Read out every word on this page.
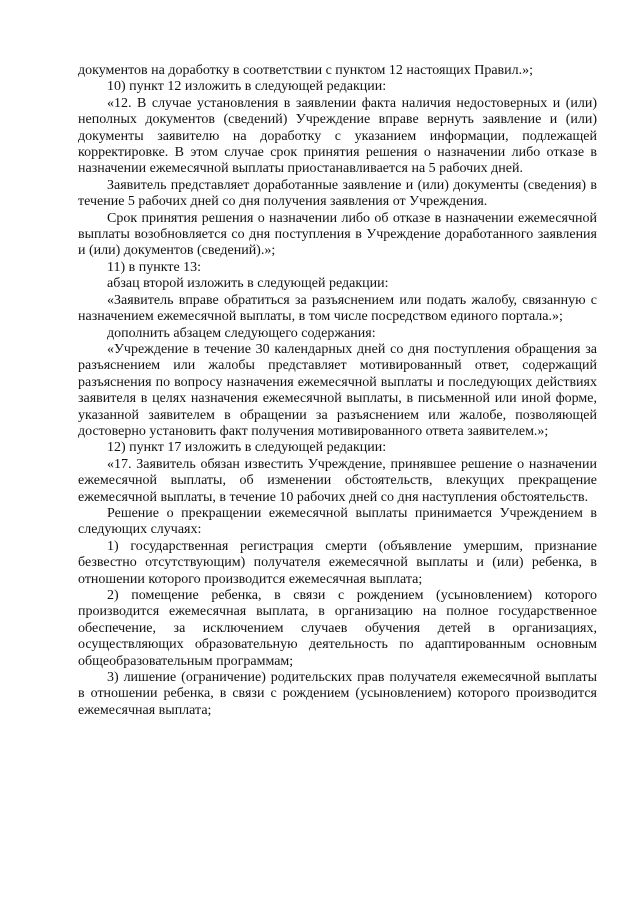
документов на доработку в соответствии с пунктом 12 настоящих Правил.»;

10) пункт 12 изложить в следующей редакции:

«12. В случае установления в заявлении факта наличия недостоверных и (или) неполных документов (сведений) Учреждение вправе вернуть заявление и (или) документы заявителю на доработку с указанием информации, подлежащей корректировке. В этом случае срок принятия решения о назначении либо отказе в назначении ежемесячной выплаты приостанавливается на 5 рабочих дней.

Заявитель представляет доработанные заявление и (или) документы (сведения) в течение 5 рабочих дней со дня получения заявления от Учреждения.

Срок принятия решения о назначении либо об отказе в назначении ежемесячной выплаты возобновляется со дня поступления в Учреждение доработанного заявления и (или) документов (сведений).»;

11) в пункте 13:

абзац второй изложить в следующей редакции:

«Заявитель вправе обратиться за разъяснением или подать жалобу, связанную с назначением ежемесячной выплаты, в том числе посредством единого портала.»;

дополнить абзацем следующего содержания:

«Учреждение в течение 30 календарных дней со дня поступления обращения за разъяснением или жалобы представляет мотивированный ответ, содержащий разъяснения по вопросу назначения ежемесячной выплаты и последующих действиях заявителя в целях назначения ежемесячной выплаты, в письменной или иной форме, указанной заявителем в обращении за разъяснением или жалобе, позволяющей достоверно установить факт получения мотивированного ответа заявителем.»;

12) пункт 17 изложить в следующей редакции:

«17. Заявитель обязан известить Учреждение, принявшее решение о назначении ежемесячной выплаты, об изменении обстоятельств, влекущих прекращение ежемесячной выплаты, в течение 10 рабочих дней со дня наступления обстоятельств.

Решение о прекращении ежемесячной выплаты принимается Учреждением в следующих случаях:

1) государственная регистрация смерти (объявление умершим, признание безвестно отсутствующим) получателя ежемесячной выплаты и (или) ребенка, в отношении которого производится ежемесячная выплата;

2) помещение ребенка, в связи с рождением (усыновлением) которого производится ежемесячная выплата, в организацию на полное государственное обеспечение, за исключением случаев обучения детей в организациях, осуществляющих образовательную деятельность по адаптированным основным общеобразовательным программам;

3) лишение (ограничение) родительских прав получателя ежемесячной выплаты в отношении ребенка, в связи с рождением (усыновлением) которого производится ежемесячная выплата;
